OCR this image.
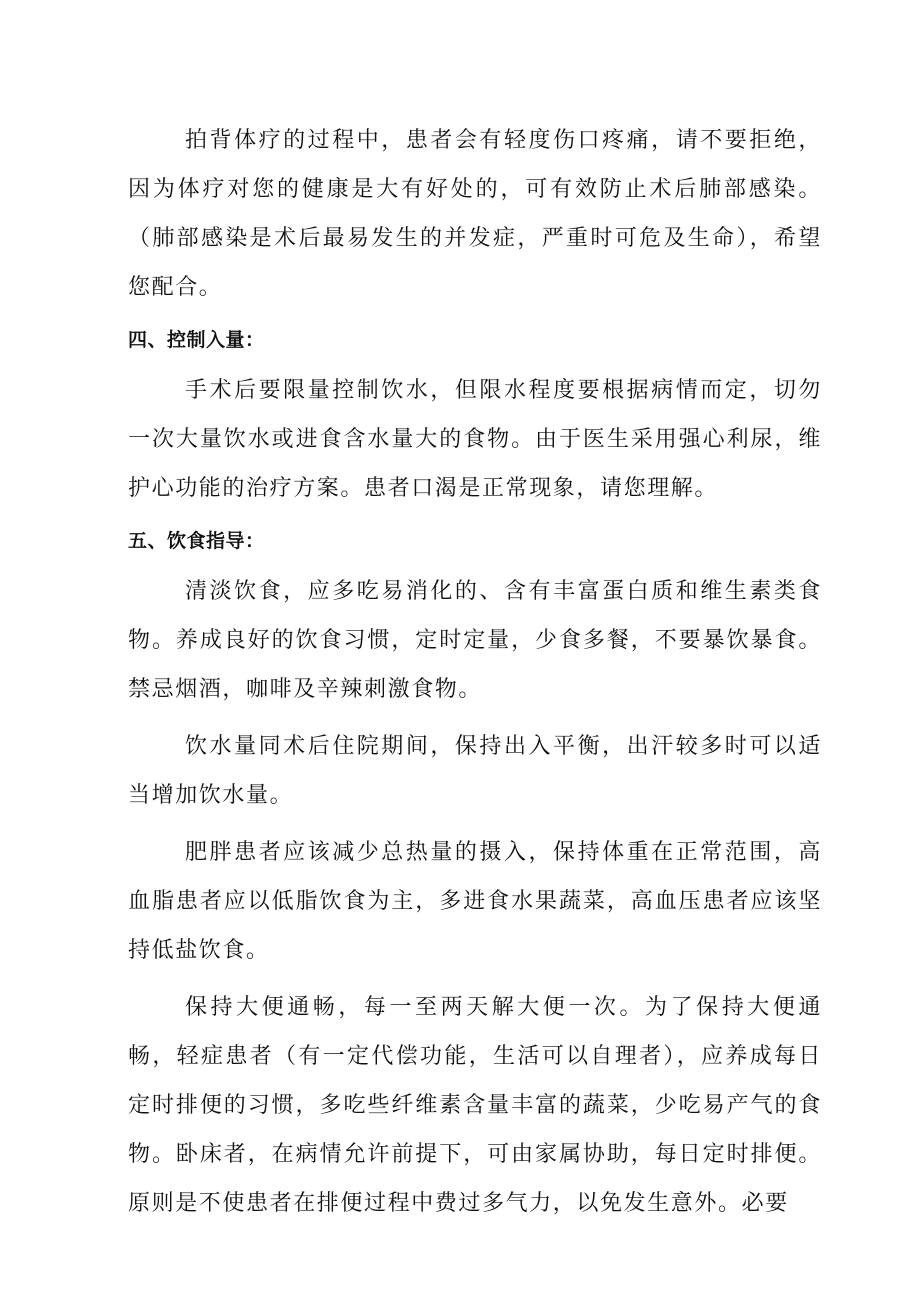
拍背体疗的过程中，患者会有轻度伤口疼痛，请不要拒绝，因为体疗对您的健康是大有好处的，可有效防止术后肺部感染。（肺部感染是术后最易发生的并发症，严重时可危及生命），希望您配合。

四、控制入量：

手术后要限量控制饮水，但限水程度要根据病情而定，切勿一次大量饮水或进食含水量大的食物。由于医生采用强心利尿，维护心功能的治疗方案。患者口渴是正常现象，请您理解。

五、饮食指导：

清淡饮食，应多吃易消化的、含有丰富蛋白质和维生素类食物。养成良好的饮食习惯，定时定量，少食多餐，不要暴饮暴食。禁忌烟酒，咖啡及辛辣刺激食物。

饮水量同术后住院期间，保持出入平衡，出汗较多时可以适当增加饮水量。

肥胖患者应该减少总热量的摄入，保持体重在正常范围，高血脂患者应以低脂饮食为主，多进食水果蔬菜，高血压患者应该坚持低盐饮食。

保持大便通畅，每一至两天解大便一次。为了保持大便通畅，轻症患者（有一定代偿功能，生活可以自理者），应养成每日定时排便的习惯，多吃些纤维素含量丰富的蔬菜，少吃易产气的食物。卧床者，在病情允许前提下，可由家属协助，每日定时排便。原则是不使患者在排便过程中费过多气力，以免发生意外。必要
